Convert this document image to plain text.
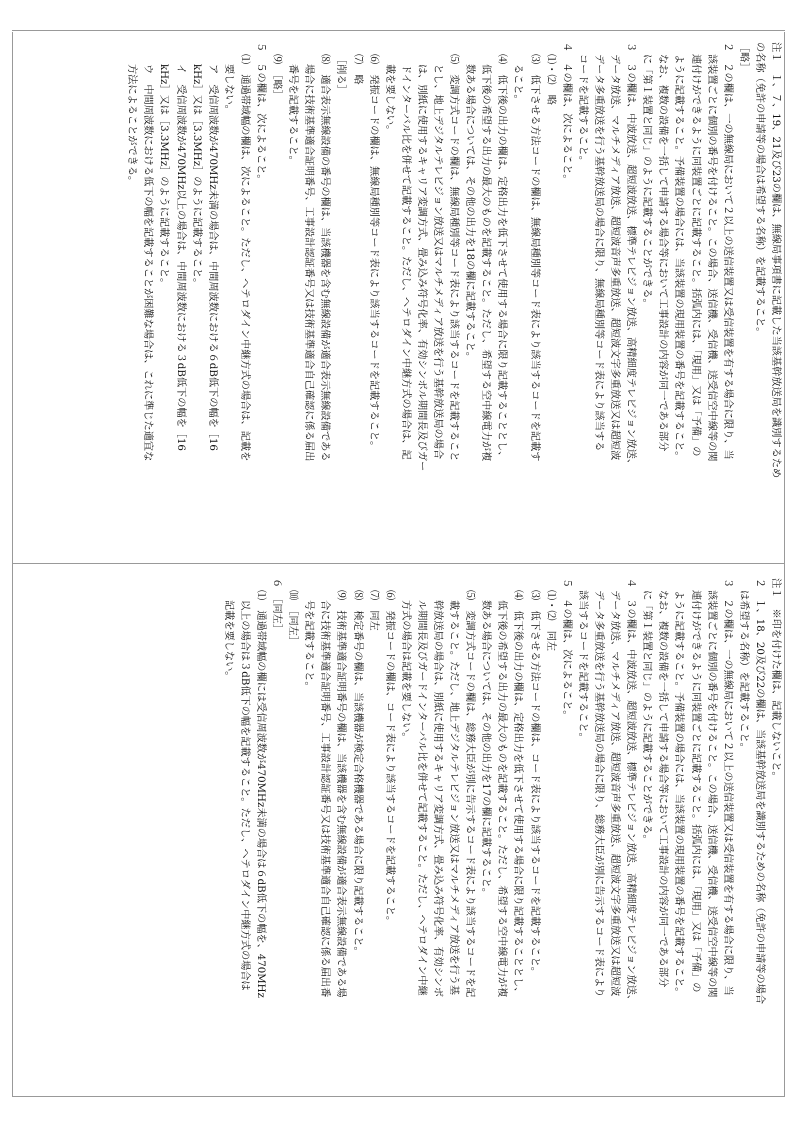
注１　１、７、19、21及び23の欄は、無線局事項書に記載した当該基幹放送局を識別するため
の名称（免許の申請等の場合は希望する名称）を記載すること。
［略］
２　２の欄は、一の無線局において２以上の送信装置又は受信装置を有する場合に限り、当
該装置ごとに個別の番号を付けること。この場合、送信機、受信機、送受信空中線等の関
連付けができるように同装置ごとに記載すること。括弧内には、「現用」又は「予備」の
ように記載すること。予備装置の場合には、当該装置の現用装置の番号を記載すること。
なお、複数の設備を一括して申請する場合等において工事設計の内容が同一である部分
に「第１装置と同じ」のように記載することができる。
３　３の欄は、中波放送、超短波放送、標準テレビジョン放送、高精細度テレビジョン放送、
データ放送、マルチメディア放送、超短波音声多重放送、超短波文字多重放送又は超短波
データ多重放送を行う基幹放送局の場合に限り、無線局種別等コード表により該当する
コードを記載すること。
４　４の欄は、次によること。
⑴・⑵　略
⑶　低下させる方法コードの欄は、無線局種別等コード表により該当するコードを記載す
ること。
⑷　低下後の出力の欄は、定格出力を低下させて使用する場合に限り記載することとし、
低下後の希望する出力の最大のものを記載すること。ただし、希望する空中線電力が複
数ある場合については、その他の出力を18の欄に記載すること。
⑸　変調方式コードの欄は、無線局種別等コード表により該当するコードを記載すること
とし、地上デジタルテレビジョン放送又はマルチメディア放送を行う基幹放送局の場合
は、別紙に使用するキャリア変調方式、畳み込み符号化率、有効シンボル期間長及びガー
ドインターバル比を併せて記載すること。ただし、ヘテロダイン中継方式の場合は、記
載を要しない。
⑹　発振コードの欄は、無線局種別等コード表により該当するコードを記載すること。
⑺　略
［削る］
⑻　適合表示無線設備の番号の欄は、当該機器を含む無線設備が適合表示無線設備である
場合に技術基準適合証明番号、工事設計認証番号又は技術基準適合自己確認に係る届出
番号を記載すること。
⑼　［略］
５　５の欄は、次によること。
⑴　通過帯域幅の欄は、次によること。ただし、ヘテロダイン中継方式の場合は、記載を
要しない。
ア　受信周波数が470MHz未満の場合は、中間周波数における６dB低下の幅を［16
kHz］又は［3.3MHz］のように記載すること。
イ　受信周波数が470MHz以上の場合は、中間周波数における３dB低下の幅を［16
kHz］又は［3.3MHz］のように記載すること。
ウ　中間周波数における低下の幅を記載することが困難な場合は、これに準じた適宜な
方法によることができる。
注１　※印を付けた欄は、記載しないこと。
２　１、18、20及び22の欄は、当該基幹放送局を識別するための名称（免許の申請等の場合
は希望する名称）を記載すること。
３　２の欄は、一の無線局において２以上の送信装置又は受信装置を有する場合に限り、当
該装置ごとに個別の番号を付けること。この場合、送信機、受信機、送受信空中線等の関
連付けができるように同装置ごとに記載すること。括弧内には、「現用」又は「予備」の
ように記載すること。予備装置の場合には、当該装置の現用装置の番号を記載すること。
なお、複数の設備を一括して申請する場合等において工事設計の内容が同一である部分
に「第１装置と同じ」のように記載することができる。
４　３の欄は、中波放送、超短波放送、標準テレビジョン放送、高精細度テレビジョン放送、
データ放送、マルチメディア放送、超短波音声多重放送、超短波文字多重放送又は超短波
データ多重放送を行う基幹放送局の場合に限り、総務大臣が別に告示するコード表により
該当するコードを記載すること。
５　４の欄は、次によること。
⑴・⑵　同左
⑶　低下させる方法コードの欄は、コード表により該当するコードを記載すること。
⑷　低下後の出力の欄は、定格出力を低下させて使用する場合に限り記載することとし、
低下後の希望する出力の最大のものを記載すること。ただし、希望する空中線電力が複
数ある場合については、その他の出力を17の欄に記載すること。
⑸　変調方式コードの欄は、総務大臣が別に告示するコード表により該当するコードを記
載すること。ただし、地上デジタルテレビジョン放送又はマルチメディア放送を行う基
幹放送局の場合は、別紙に使用するキャリア変調方式、畳み込み符号化率、有効シンボ
ル期間長及びガードインターバル比を併せて記載すること。ただし、ヘテロダイン中継
方式の場合は記載を要しない。
⑹　発振コードの欄は、コード表により該当するコードを記載すること。
⑺　同左
⑻　検定番号の欄は、当該機器が検定合格機器である場合に限り記載すること。
⑼　技術基準適合証明番号の欄は、当該機器を含む無線設備が適合表示無線設備である場
合に技術基準適合証明番号、工事設計認証番号又は技術基準適合自己確認に係る届出番
号を記載すること。
⑽　［同左］
６　［同左］
⑴　通過帯域幅の欄には受信周波数が470MHz未満の場合は６dB低下の幅を、470MHz
以上の場合は３dB低下の幅を記載すること。ただし、ヘテロダイン中継方式の場合は
記載を要しない。
